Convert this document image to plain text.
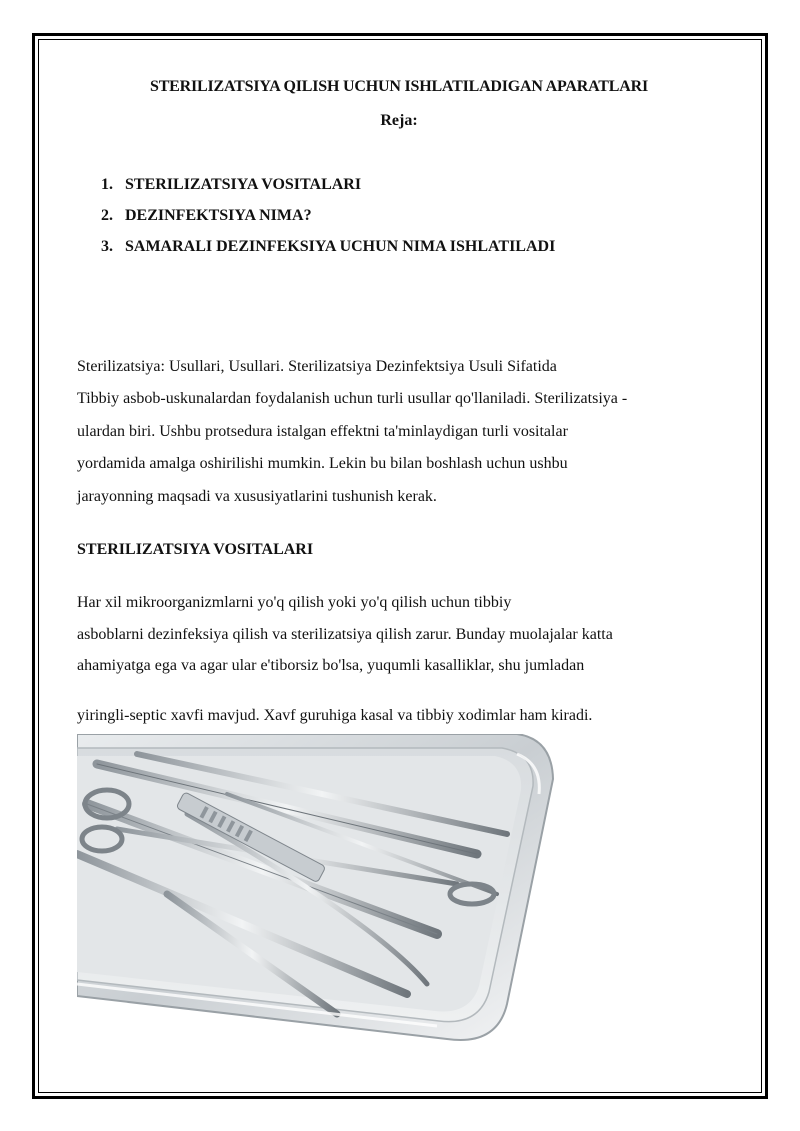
STERILIZATSIYA QILISH UCHUN ISHLATILADIGAN APARATLARI
Reja:
1. STERILIZATSIYA VOSITALARI
2. DEZINFEKTSIYA NIMA?
3. SAMARALI DEZINFEKSIYA UCHUN NIMA ISHLATILADI
Sterilizatsiya: Usullari, Usullari. Sterilizatsiya Dezinfektsiya Usuli Sifatida
Tibbiy asbob-uskunalardan foydalanish uchun turli usullar qo'llaniladi. Sterilizatsiya -
ulardan biri. Ushbu protsedura istalgan effektni ta'minlaydigan turli vositalar
yordamida amalga oshirilishi mumkin. Lekin bu bilan boshlash uchun ushbu
jarayonning maqsadi va xususiyatlarini tushunish kerak.
STERILIZATSIYA VOSITALARI
Har xil mikroorganizmlarni yo'q qilish yoki yo'q qilish uchun tibbiy
asboblarni dezinfeksiya qilish va sterilizatsiya qilish zarur. Bunday muolajalar katta
ahamiyatga ega va agar ular e'tiborsiz bo'lsa, yuqumli kasalliklar, shu jumladan
yiringli-septic xavfi mavjud. Xavf guruhiga kasal va tibbiy xodimlar ham kiradi.
